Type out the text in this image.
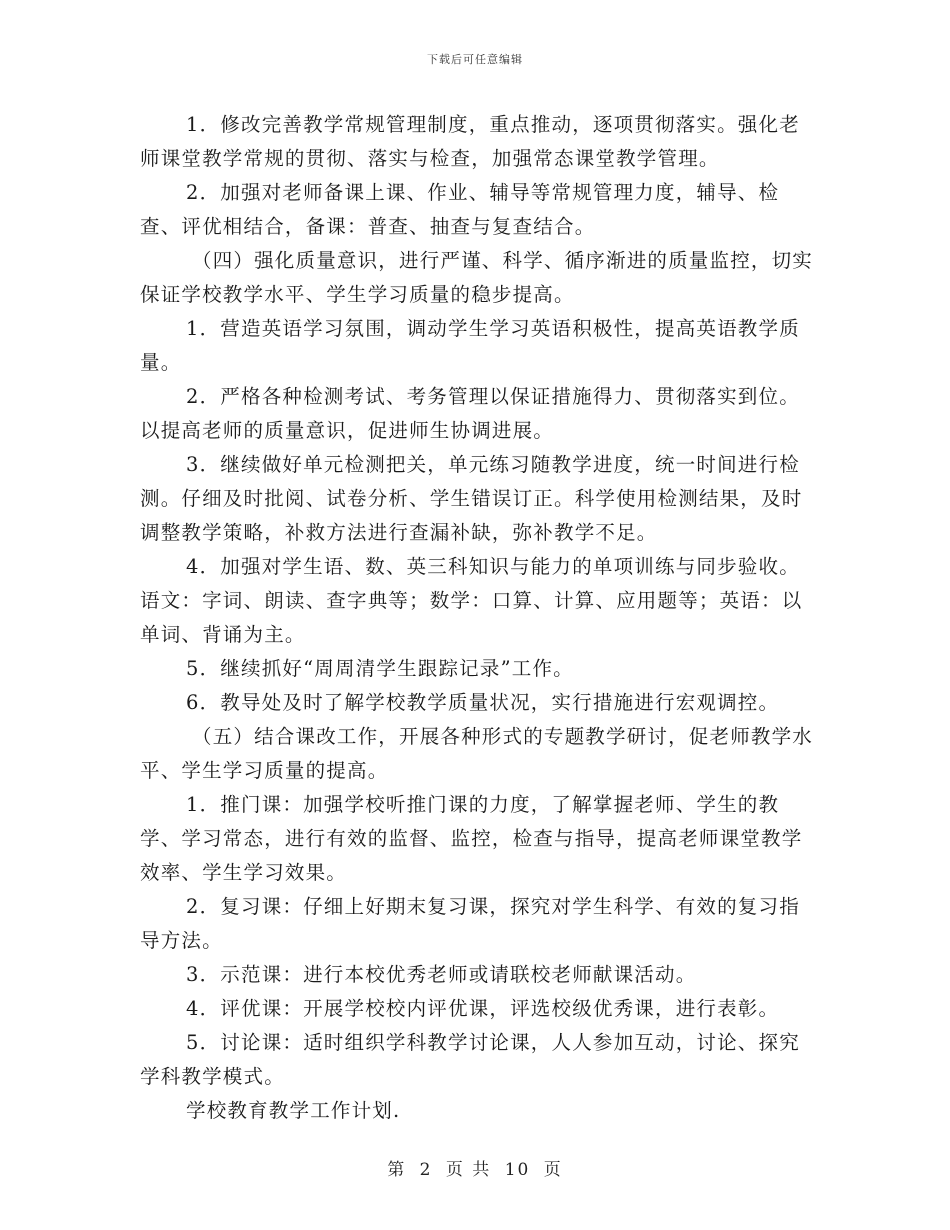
下载后可任意编辑

1．修改完善教学常规管理制度，重点推动，逐项贯彻落实。强化老师课堂教学常规的贯彻、落实与检查，加强常态课堂教学管理。

2．加强对老师备课上课、作业、辅导等常规管理力度，辅导、检查、评优相结合，备课：普查、抽查与复查结合。

（四）强化质量意识，进行严谨、科学、循序渐进的质量监控，切实保证学校教学水平、学生学习质量的稳步提高。

1．营造英语学习氛围，调动学生学习英语积极性，提高英语教学质量。

2．严格各种检测考试、考务管理以保证措施得力、贯彻落实到位。以提高老师的质量意识，促进师生协调进展。

3．继续做好单元检测把关，单元练习随教学进度，统一时间进行检测。仔细及时批阅、试卷分析、学生错误订正。科学使用检测结果，及时调整教学策略，补救方法进行查漏补缺，弥补教学不足。

4．加强对学生语、数、英三科知识与能力的单项训练与同步验收。语文：字词、朗读、查字典等；数学：口算、计算、应用题等；英语：以单词、背诵为主。

5．继续抓好“周周清学生跟踪记录”工作。

6．教导处及时了解学校教学质量状况，实行措施进行宏观调控。

（五）结合课改工作，开展各种形式的专题教学研讨，促老师教学水平、学生学习质量的提高。

1．推门课：加强学校听推门课的力度，了解掌握老师、学生的教学、学习常态，进行有效的监督、监控，检查与指导，提高老师课堂教学效率、学生学习效果。

2．复习课：仔细上好期末复习课，探究对学生科学、有效的复习指导方法。

3．示范课：进行本校优秀老师或请联校老师献课活动。

4．评优课：开展学校校内评优课，评选校级优秀课，进行表彰。

5．讨论课：适时组织学科教学讨论课，人人参加互动，讨论、探究学科教学模式。

学校教育教学工作计划.

第 2 页 共 10 页
